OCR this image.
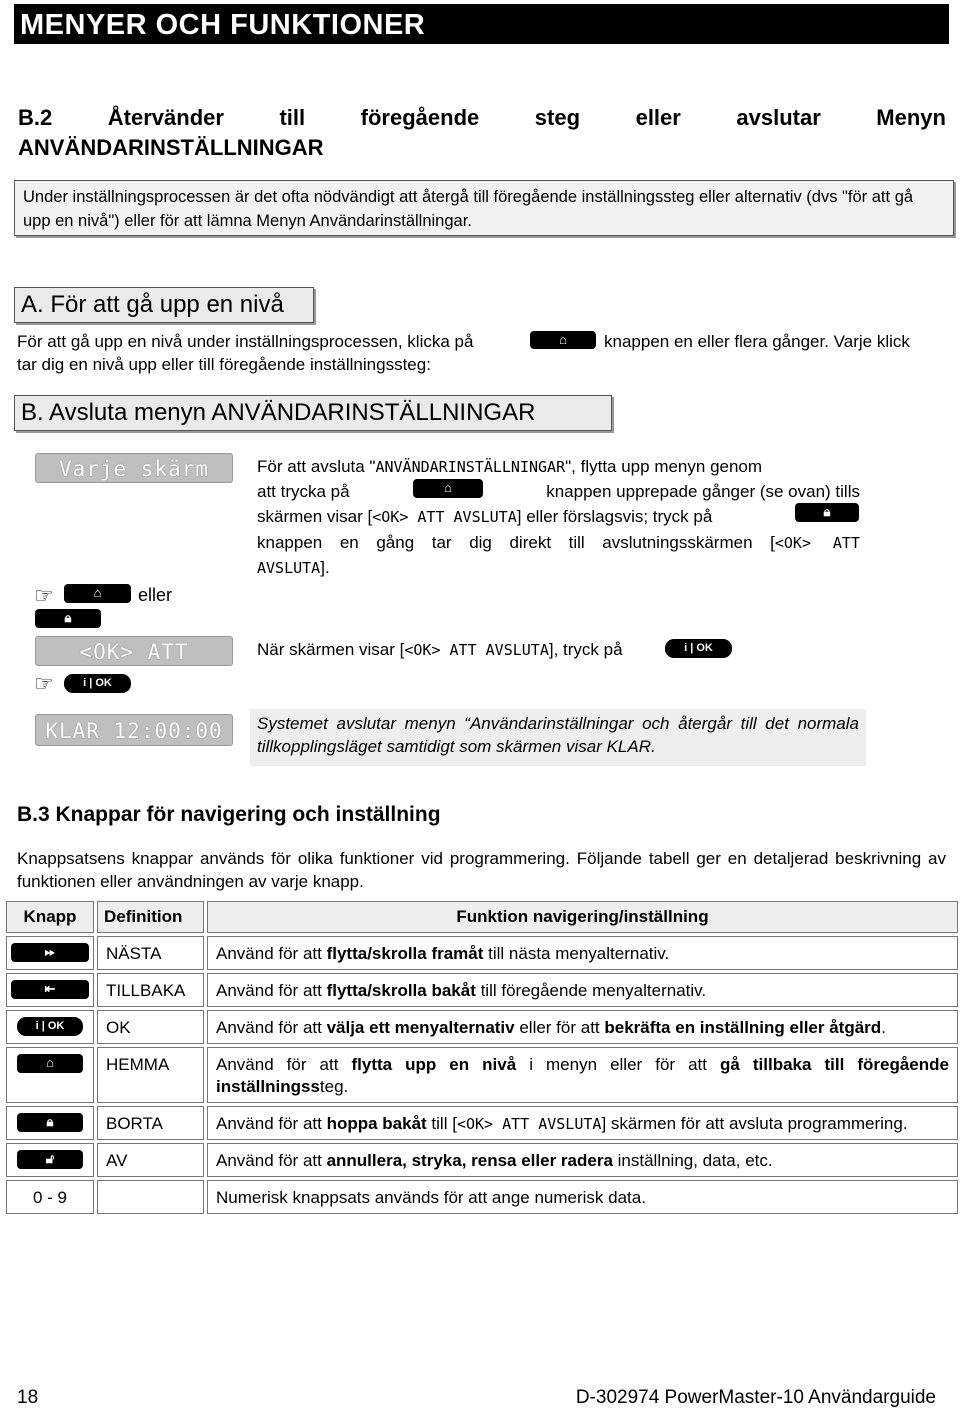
MENYER OCH FUNKTIONER
B.2	Återvänder	till	föregående	steg	eller	avslutar	Menyn
ANVÄNDARINSTÄLLNINGAR
Under inställningsprocessen är det ofta nödvändigt att återgå till föregående inställningssteg eller alternativ (dvs "för att gå upp en nivå") eller för att lämna Menyn Användarinställningar.
A. För att gå upp en nivå
För att gå upp en nivå under inställningsprocessen, klicka på	⌂	knappen en eller flera gånger. Varje klick
tar dig en nivå upp eller till föregående inställningssteg:
B. Avsluta menyn ANVÄNDARINSTÄLLNINGAR
Varje skärm
☞	⌂	eller
🔒︎
<OK> ATT
☞	i | OK
KLAR 12:00:00
För att avsluta "ANVÄNDARINSTÄLLNINGAR", flytta upp menyn genom
att trycka på	⌂	knappen upprepade gånger (se ovan) tills
skärmen visar [<OK> ATT AVSLUTA] eller förslagsvis; tryck på	🔒︎
knappen en gång tar dig direkt till avslutningsskärmen [<OK> ATT
AVSLUTA].
När skärmen visar [<OK> ATT AVSLUTA], tryck på	i | OK
Systemet avslutar menyn “Användarinställningar och återgår till det normala tillkopplingsläget samtidigt som skärmen visar KLAR.
B.3 Knappar för navigering och inställning
Knappsatsens knappar används för olika funktioner vid programmering. Följande tabell ger en detaljerad beskrivning av funktionen eller användningen av varje knapp.
Knapp	Definition	Funktion navigering/inställning
⏩︎	NÄSTA	Använd för att flytta/skrolla framåt till nästa menyalternativ.
⇤	TILLBAKA	Använd för att flytta/skrolla bakåt till föregående menyalternativ.
i | OK	OK	Använd för att välja ett menyalternativ eller för att bekräfta en inställning eller åtgärd.
⌂	HEMMA	Använd för att flytta upp en nivå i menyn eller för att gå tillbaka till föregående inställningssteg.
🔒︎	BORTA	Använd för att hoppa bakåt till [<OK> ATT AVSLUTA] skärmen för att avsluta programmering.
🔓︎	AV	Använd för att annullera, stryka, rensa eller radera inställning, data, etc.
0 - 9		Numerisk knappsats används för att ange numerisk data.
18	D-302974 PowerMaster-10 Användarguide
